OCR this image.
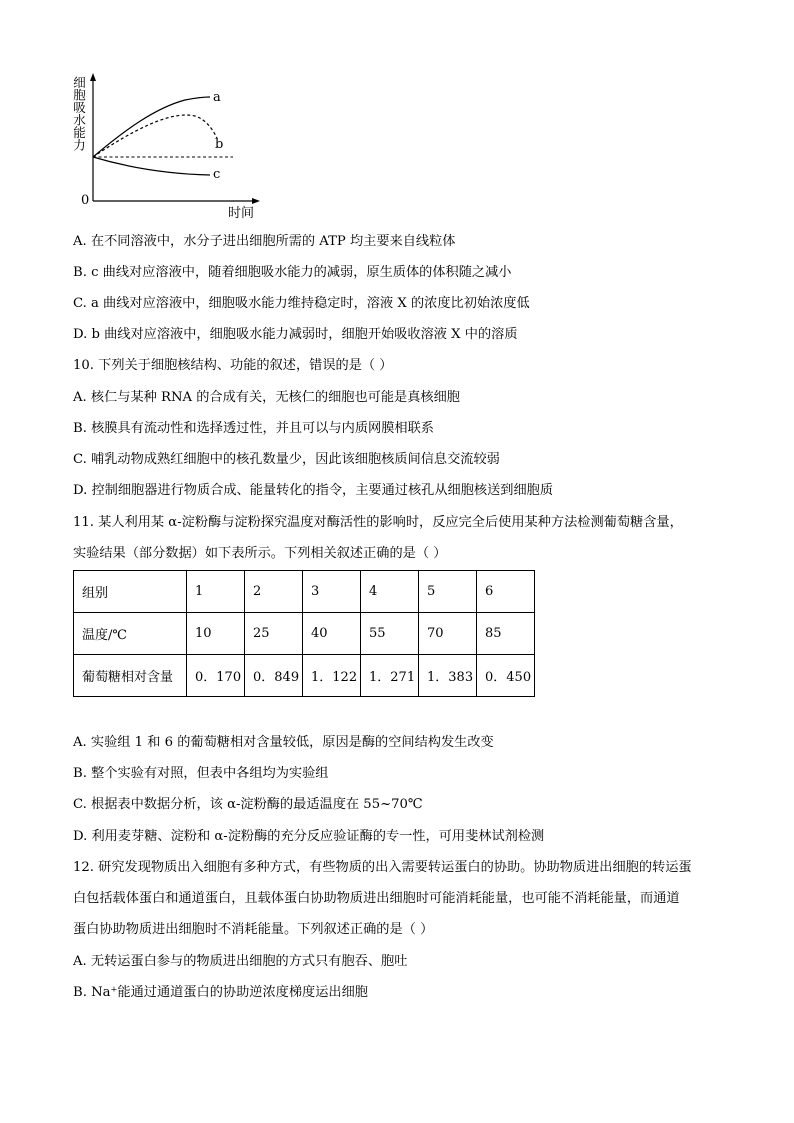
a
b
c
0
时间
细胞吸水能力
A. 在不同溶液中，水分子进出细胞所需的 ATP 均主要来自线粒体
B. c 曲线对应溶液中，随着细胞吸水能力的减弱，原生质体的体积随之减小
C. a 曲线对应溶液中，细胞吸水能力维持稳定时，溶液 X 的浓度比初始浓度低
D. b 曲线对应溶液中，细胞吸水能力减弱时，细胞开始吸收溶液 X 中的溶质
10. 下列关于细胞核结构、功能的叙述，错误的是（ ）
A. 核仁与某种 RNA 的合成有关，无核仁的细胞也可能是真核细胞
B. 核膜具有流动性和选择透过性，并且可以与内质网膜相联系
C. 哺乳动物成熟红细胞中的核孔数量少，因此该细胞核质间信息交流较弱
D. 控制细胞器进行物质合成、能量转化的指令，主要通过核孔从细胞核送到细胞质
11. 某人利用某 α-淀粉酶与淀粉探究温度对酶活性的影响时，反应完全后使用某种方法检测葡萄糖含量，
实验结果（部分数据）如下表所示。下列相关叙述正确的是（ ）
组别	1	2	3	4	5	6
温度/℃	10	25	40	55	70	85
葡萄糖相对含量	0．170	0．849	1．122	1．271	1．383	0．450
A. 实验组 1 和 6 的葡萄糖相对含量较低，原因是酶的空间结构发生改变
B. 整个实验有对照，但表中各组均为实验组
C. 根据表中数据分析，该 α-淀粉酶的最适温度在 55~70℃
D. 利用麦芽糖、淀粉和 α-淀粉酶的充分反应验证酶的专一性，可用斐林试剂检测
12. 研究发现物质出入细胞有多种方式，有些物质的出入需要转运蛋白的协助。协助物质进出细胞的转运蛋
白包括载体蛋白和通道蛋白，且载体蛋白协助物质进出细胞时可能消耗能量，也可能不消耗能量，而通道
蛋白协助物质进出细胞时不消耗能量。下列叙述正确的是（ ）
A. 无转运蛋白参与的物质进出细胞的方式只有胞吞、胞吐
B. Na⁺能通过通道蛋白的协助逆浓度梯度运出细胞
